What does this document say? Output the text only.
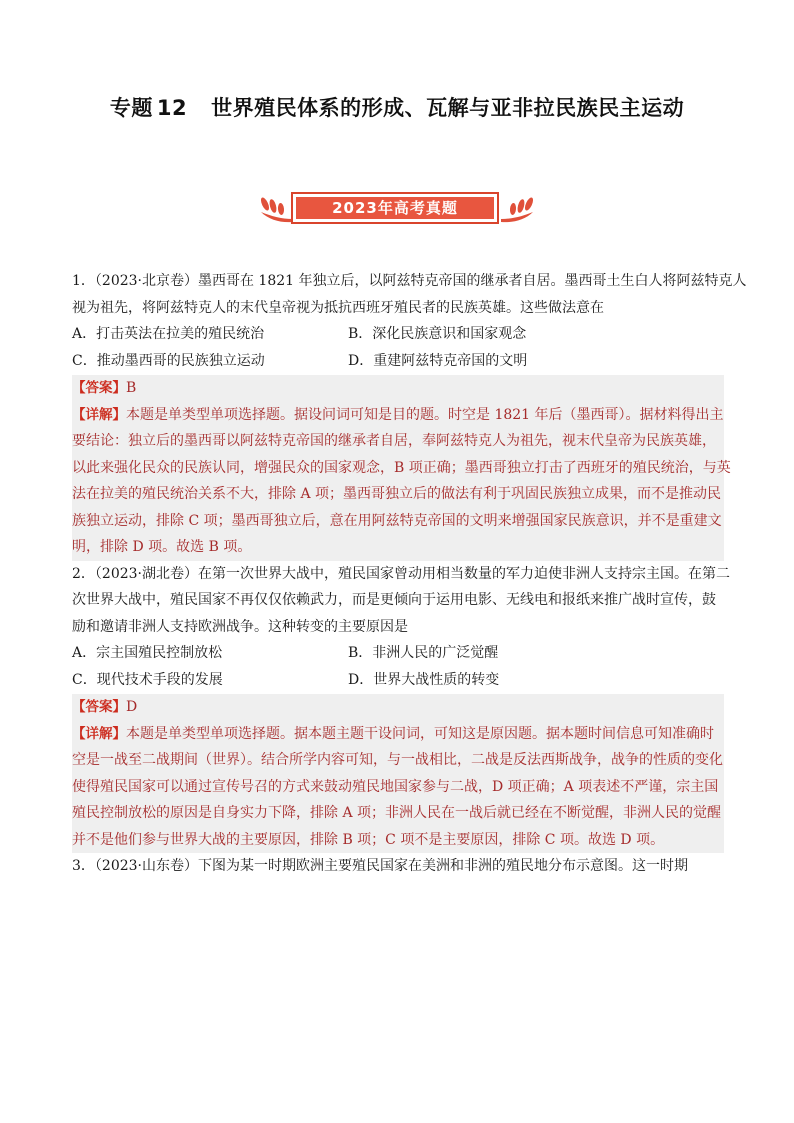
专题 12 世界殖民体系的形成、瓦解与亚非拉民族民主运动
2023年高考真题
1．（2023·北京卷）墨西哥在 1821 年独立后，以阿兹特克帝国的继承者自居。墨西哥土生白人将阿兹特克人
视为祖先，将阿兹特克人的末代皇帝视为抵抗西班牙殖民者的民族英雄。这些做法意在
A．打击英法在拉美的殖民统治	B．深化民族意识和国家观念
C．推动墨西哥的民族独立运动	D．重建阿兹特克帝国的文明
【答案】B
【详解】本题是单类型单项选择题。据设问词可知是目的题。时空是 1821 年后（墨西哥）。据材料得出主
要结论：独立后的墨西哥以阿兹特克帝国的继承者自居，奉阿兹特克人为祖先，视末代皇帝为民族英雄，
以此来强化民众的民族认同，增强民众的国家观念，B 项正确；墨西哥独立打击了西班牙的殖民统治，与英
法在拉美的殖民统治关系不大，排除 A 项；墨西哥独立后的做法有利于巩固民族独立成果，而不是推动民
族独立运动，排除 C 项；墨西哥独立后，意在用阿兹特克帝国的文明来增强国家民族意识，并不是重建文
明，排除 D 项。故选 B 项。
2．（2023·湖北卷）在第一次世界大战中，殖民国家曾动用相当数量的军力迫使非洲人支持宗主国。在第二
次世界大战中，殖民国家不再仅仅依赖武力，而是更倾向于运用电影、无线电和报纸来推广战时宣传，鼓
励和邀请非洲人支持欧洲战争。这种转变的主要原因是
A．宗主国殖民控制放松	B．非洲人民的广泛觉醒
C．现代技术手段的发展	D．世界大战性质的转变
【答案】D
【详解】本题是单类型单项选择题。据本题主题干设问词，可知这是原因题。据本题时间信息可知准确时
空是一战至二战期间（世界）。结合所学内容可知，与一战相比，二战是反法西斯战争，战争的性质的变化
使得殖民国家可以通过宣传号召的方式来鼓动殖民地国家参与二战，D 项正确；A 项表述不严谨，宗主国
殖民控制放松的原因是自身实力下降，排除 A 项；非洲人民在一战后就已经在不断觉醒，非洲人民的觉醒
并不是他们参与世界大战的主要原因，排除 B 项；C 项不是主要原因，排除 C 项。故选 D 项。
3．（2023·山东卷）下图为某一时期欧洲主要殖民国家在美洲和非洲的殖民地分布示意图。这一时期
